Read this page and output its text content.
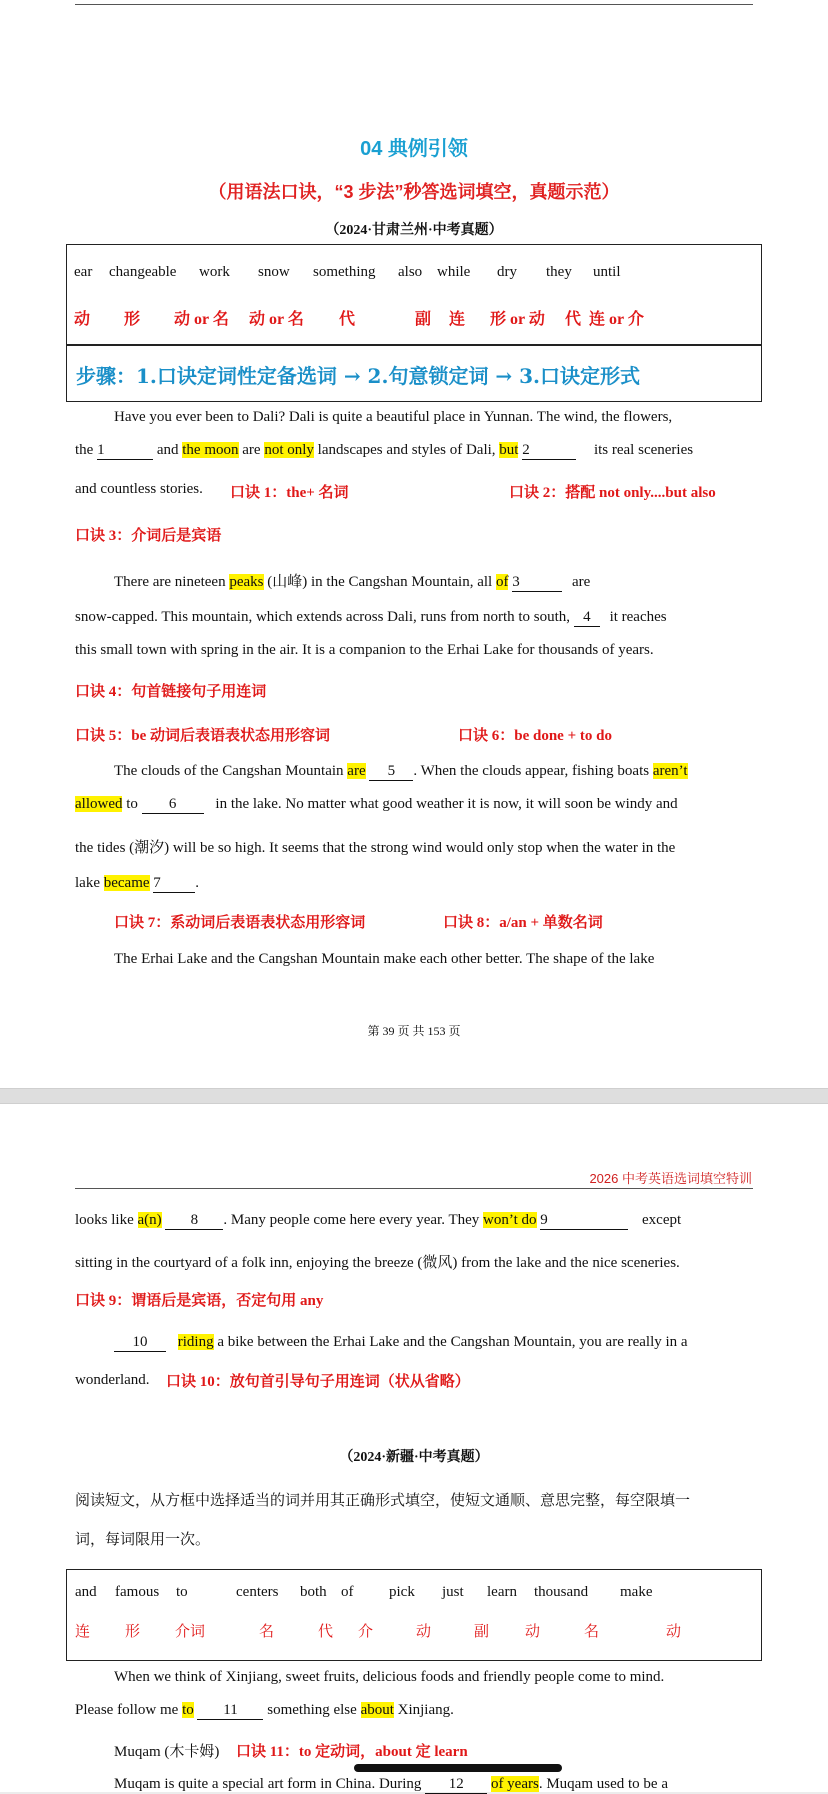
04 典例引领
（用语法口诀，“3 步法”秒答选词填空，真题示范）
（2024·甘肃兰州·中考真题）
ear changeable work snow something also while dry they until
动 形 动 or 名 动 or 名 代	副 连 形 or 动 代 连 or 介
步骤：1.口诀定词性定备选词 → 2.句意锁定词 → 3.口诀定形式
Have you ever been to Dali? Dali is quite a beautiful place in Yunnan. The wind, the flowers,
the 1	and the moon are not only landscapes and styles of Dali, but 2	its real sceneries
and countless stories.	口诀 1：the+ 名词	口诀 2：搭配 not only....but also
口诀 3：介词后是宾语
There are nineteen peaks (山峰) in the Cangshan Mountain, all of 3	are
snow-capped. This mountain, which extends across Dali, runs from north to south, 4 it reaches
this small town with spring in the air. It is a companion to the Erhai Lake for thousands of years.
口诀 4：句首链接句子用连词
口诀 5：be 动词后表语表状态用形容词	口诀 6：be done + to do
The clouds of the Cangshan Mountain are 5 . When the clouds appear, fishing boats aren’t
allowed to 6 in the lake. No matter what good weather it is now, it will soon be windy and
the tides (潮汐) will be so high. It seems that the strong wind would only stop when the water in the
lake became 7 .
口诀 7：系动词后表语表状态用形容词	口诀 8：a/an + 单数名词
The Erhai Lake and the Cangshan Mountain make each other better. The shape of the lake
第 39 页 共 153 页
2026 中考英语选词填空特训
looks like a(n) 8 . Many people come here every year. They won’t do 9	except
sitting in the courtyard of a folk inn, enjoying the breeze (微风) from the lake and the nice sceneries.
口诀 9：谓语后是宾语，否定句用 any
10 riding a bike between the Erhai Lake and the Cangshan Mountain, you are really in a
wonderland.	口诀 10：放句首引导句子用连词（状从省略）
（2024·新疆·中考真题）
阅读短文，从方框中选择适当的词并用其正确形式填空，使短文通顺、意思完整，每空限填一
词，每词限用一次。
and famous to	centers both of pick just learn thousand make
连 形 介词	名	代 介	动	副 动	名	动
When we think of Xinjiang, sweet fruits, delicious foods and friendly people come to mind.
Please follow me to 11 something else about Xinjiang.
Muqam (木卡姆)	口诀 11：to 定动词，about 定 learn
Muqam is quite a special art form in China. During 12 of years. Muqam used to be a
